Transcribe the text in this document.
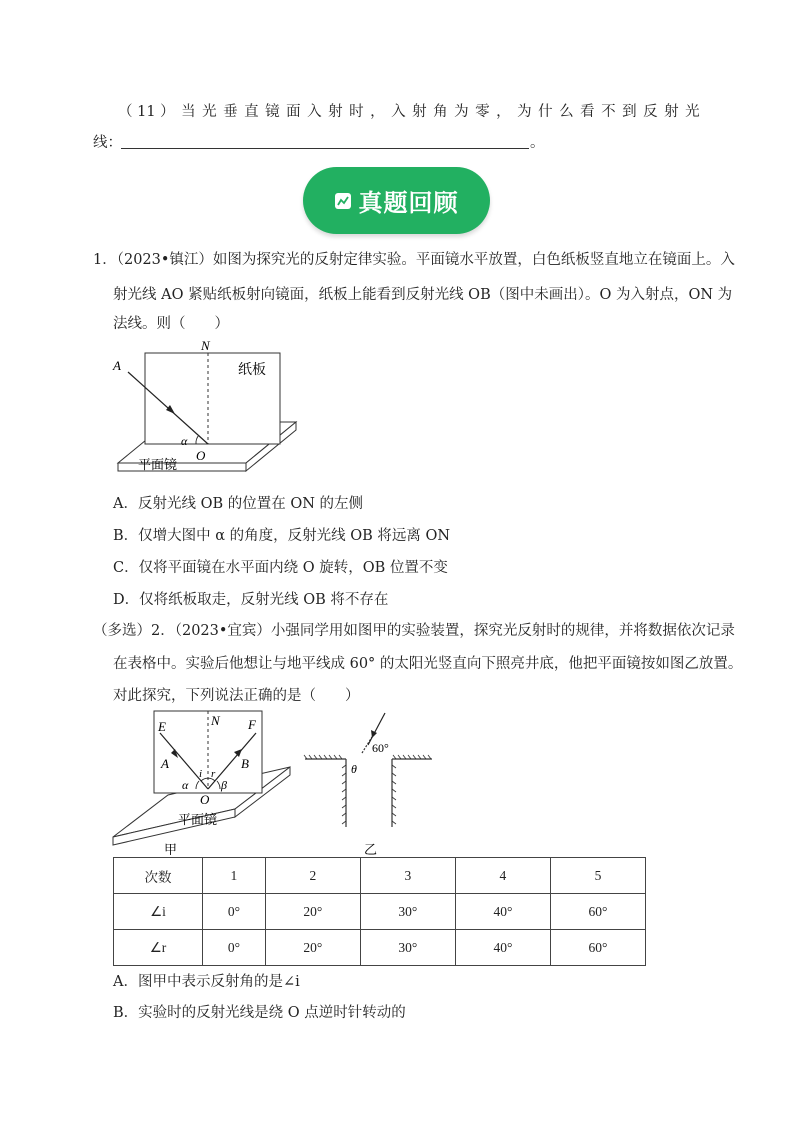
（ 11 ） 当 光 垂 直 镜 面 入 射 时 ， 入 射 角 为 零 ， 为 什 么 看 不 到 反 射 光
线：	。
真题回顾
1．（2023•镇江）如图为探究光的反射定律实验。平面镜水平放置，白色纸板竖直地立在镜面上。入
射光线 AO 紧贴纸板射向镜面，纸板上能看到反射光线 OB（图中未画出）。O 为入射点，ON 为
法线。则（　　）
A
N
O
α
纸板
平面镜
A．反射光线 OB 的位置在 ON 的左侧
B．仅增大图中 α 的角度，反射光线 OB 将远离 ON
C．仅将平面镜在水平面内绕 O 旋转，OB 位置不变
D．仅将纸板取走，反射光线 OB 将不存在
（多选）2．（2023•宜宾）小强同学用如图甲的实验装置，探究光反射时的规律，并将数据依次记录
在表格中。实验后他想让与地平线成 60° 的太阳光竖直向下照亮井底，他把平面镜按如图乙放置。
对此探究，下列说法正确的是（　　）
E	N F
A	B
i r
α	β
O
平面镜
甲
60°
θ
乙
次数	1	2	3	4	5
∠i	0°	20°	30°	40°	60°
∠r	0°	20°	30°	40°	60°
A．图甲中表示反射角的是∠i
B．实验时的反射光线是绕 O 点逆时针转动的
